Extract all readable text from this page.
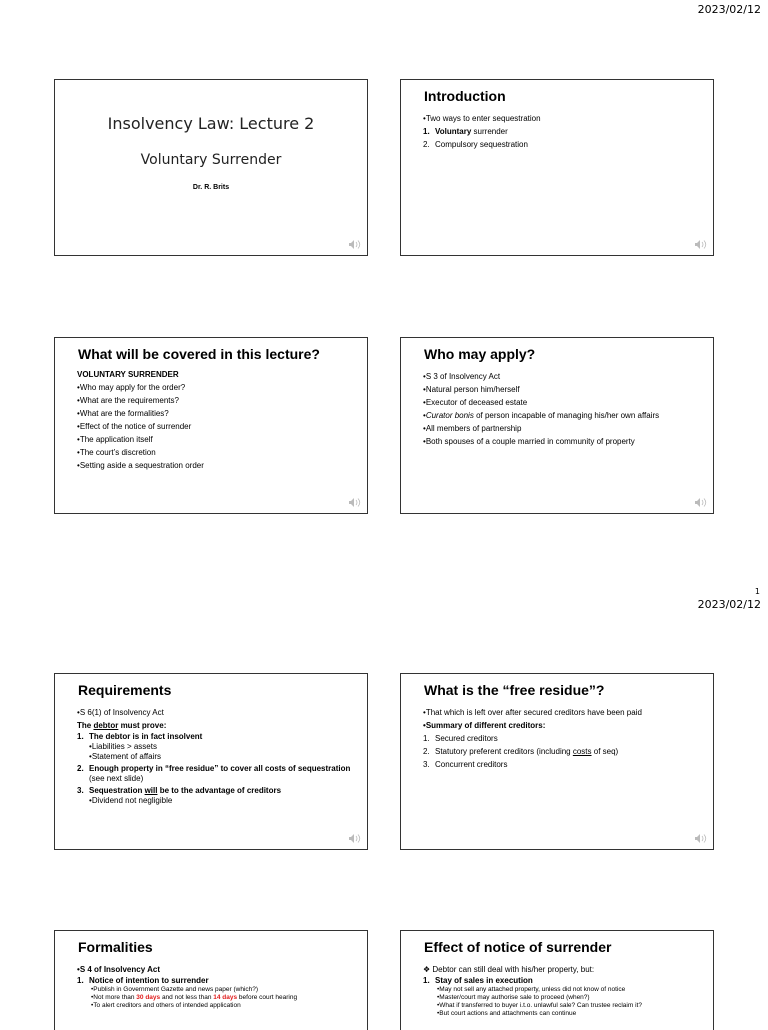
2023/02/12
Insolvency Law: Lecture 2
Voluntary Surrender
Dr. R. Brits
Introduction
• Two ways to enter sequestration
1. Voluntary surrender
2. Compulsory sequestration
What will be covered in this lecture?
VOLUNTARY SURRENDER
• Who may apply for the order?
• What are the requirements?
• What are the formalities?
• Effect of the notice of surrender
• The application itself
• The court’s discretion
• Setting aside a sequestration order
Who may apply?
• S 3 of Insolvency Act
• Natural person him/herself
• Executor of deceased estate
• Curator bonis of person incapable of managing his/her own affairs
• All members of partnership
• Both spouses of a couple married in community of property
1
2023/02/12
Requirements
• S 6(1) of Insolvency Act
The debtor must prove:
1. The debtor is in fact insolvent
• Liabilities > assets
• Statement of affairs
2. Enough property in “free residue” to cover all costs of sequestration (see next slide)
3. Sequestration will be to the advantage of creditors
• Dividend not negligible
What is the “free residue”?
• That which is left over after secured creditors have been paid
• Summary of different creditors:
1. Secured creditors
2. Statutory preferent creditors (including costs of seq)
3. Concurrent creditors
Formalities
• S 4 of Insolvency Act
1. Notice of intention to surrender
• Publish in Government Gazette and news paper (which?)
• Not more than 30 days and not less than 14 days before court hearing
• To alert creditors and others of intended application
Effect of notice of surrender
❖ Debtor can still deal with his/her property, but:
1. Stay of sales in execution
• May not sell any attached property, unless did not know of notice
• Master/court may authorise sale to proceed (when?)
• What if transferred to buyer i.t.o. unlawful sale? Can trustee reclaim it?
• But court actions and attachments can continue
